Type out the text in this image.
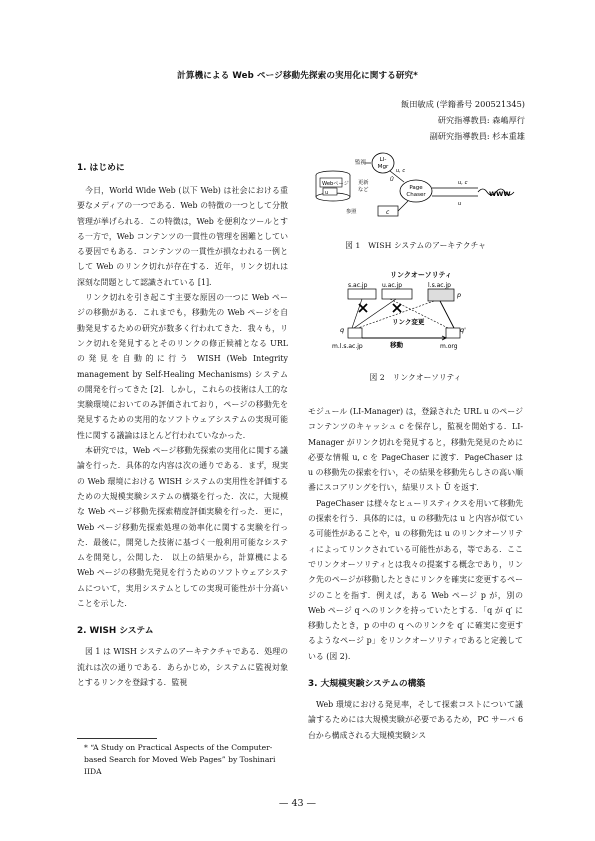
計算機による Web ページ移動先探索の実用化に関する研究*
飯田敏成 (学籍番号 200521345)
研究指導教員: 森嶋厚行
副研究指導教員: 杉本重雄
1. はじめに

今日，World Wide Web (以下 Web) は社会における重要なメディアの一つである．Web の特徴の一つとして分散管理が挙げられる．この特徴は，Web を便利なツールとする一方で，Web コンテンツの一貫性の管理を困難としている要因でもある．コンテンツの一貫性が損なわれる一例として Web のリンク切れが存在する．近年，リンク切れは深刻な問題として認識されている [1].

リンク切れを引き起こす主要な原因の一つに Web ページの移動がある．これまでも，移動先の Web ページを自動発見するための研究が数多く行われてきた．我々も，リンク切れを発見するとそのリンクの修正候補となる URL の発見を自動的に行う WISH (Web Integrity management by Self-Healing Mechanisms) システムの開発を行ってきた [2]．しかし，これらの技術は人工的な実験環境においてのみ評価されており，ページの移動先を発見するための実用的なソフトウェアシステムの実現可能性に関する議論はほとんど行われていなかった．

本研究では，Web ページ移動先探索の実用化に関する議論を行った．具体的な内容は次の通りである．まず，現実の Web 環境における WISH システムの実用性を評価するための大規模実験システムの構築を行った．次に，大規模な Web ページ移動先探索精度評価実験を行った．更に，Web ページ移動先探索処理の効率化に関する実験を行った．最後に，開発した技術に基づく一般利用可能なシステムを開発し，公開した． 以上の結果から，計算機による Web ページの移動先発見を行うためのソフトウェアシステムについて，実用システムとしての実現可能性が十分高いことを示した．

2. WISH システム

図 1 は WISH システムのアーキテクチャである．処理の流れは次の通りである．あらかじめ，システムに監視対象とするリンクを登録する．監視

* “A Study on Practical Aspects of the Computer-based Search for Moved Web Pages” by Toshinari IIDA
LI-
Mgr
監視
Webページ
u
更新
など
参照	c
Page
Chaser
u, c
Ū	u, c
u
WWW
図 1　WISH システムのアーキテクチャ
リンクオーソリティ
s.ac.jp u.ac.jp	l.s.ac.jp
p
リンク変更
q	q'
移動
m.l.s.ac.jp	m.org
図 2　リンクオーソリティ

モジュール (LI-Manager) は，登録された URL u のページコンテンツのキャッシュ c を保存し，監視を開始する．LI-Manager がリンク切れを発見すると，移動先発見のために必要な情報 u, c を PageChaser に渡す．PageChaser は u の移動先の探索を行い，その結果を移動先らしさの高い順番にスコアリングを行い，結果リスト Ū を返す．

PageChaser は様々なヒューリスティクスを用いて移動先の探索を行う．具体的には，u の移動先は u と内容が似ている可能性があることや，u の移動先は u のリンクオーソリティによってリンクされている可能性がある，等である．ここでリンクオーソリティとは我々の提案する概念であり，リンク先のページが移動したときにリンクを確実に変更するページのことを指す．例えば，ある Web ページ p が，別の Web ページ q へのリンクを持っていたとする．「q が q′ に移動したとき，p の中の q へのリンクを q′ に確実に変更するようなページ p」をリンクオーソリティであると定義している (図 2).

3. 大規模実験システムの構築

Web 環境における発見率，そして探索コストについて議論するためには大規模実験が必要であるため，PC サーバ 6 台から構成される大規模実験シス

— 43 —
